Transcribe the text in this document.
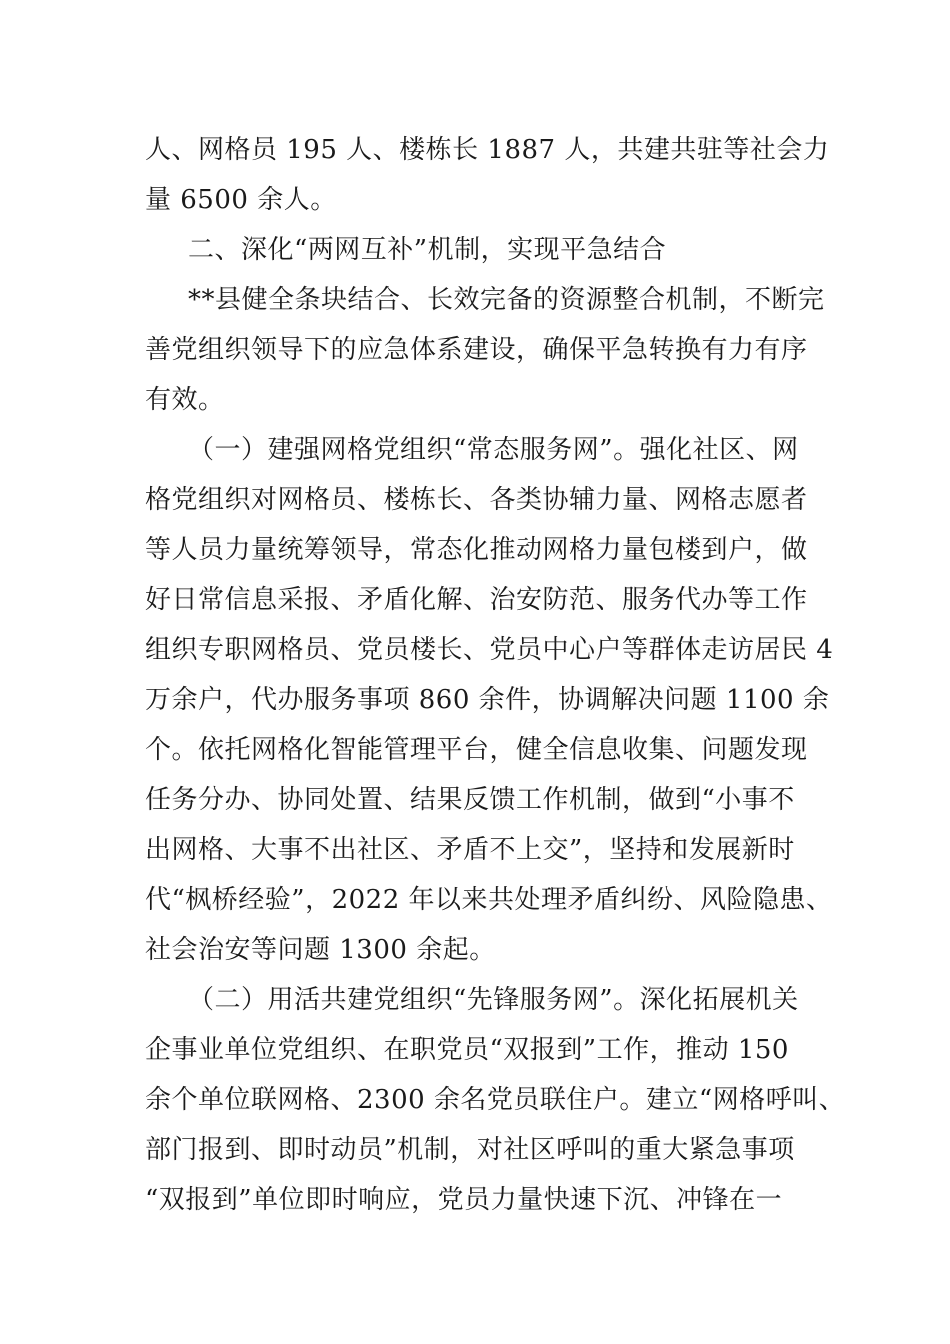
人、网格员 195 人、楼栋长 1887 人，共建共驻等社会力
量 6500 余人。
二、深化“两网互补”机制，实现平急结合
**县健全条块结合、长效完备的资源整合机制，不断完
善党组织领导下的应急体系建设，确保平急转换有力有序
有效。
（一）建强网格党组织“常态服务网”。强化社区、网
格党组织对网格员、楼栋长、各类协辅力量、网格志愿者
等人员力量统筹领导，常态化推动网格力量包楼到户，做
好日常信息采报、矛盾化解、治安防范、服务代办等工作
组织专职网格员、党员楼长、党员中心户等群体走访居民 4
万余户，代办服务事项 860 余件，协调解决问题 1100 余
个。依托网格化智能管理平台，健全信息收集、问题发现
任务分办、协同处置、结果反馈工作机制，做到“小事不
出网格、大事不出社区、矛盾不上交”，坚持和发展新时
代“枫桥经验”，2022 年以来共处理矛盾纠纷、风险隐患、
社会治安等问题 1300 余起。
（二）用活共建党组织“先锋服务网”。深化拓展机关
企事业单位党组织、在职党员“双报到”工作，推动 150
余个单位联网格、2300 余名党员联住户。建立“网格呼叫、
部门报到、即时动员”机制，对社区呼叫的重大紧急事项
“双报到”单位即时响应，党员力量快速下沉、冲锋在一
